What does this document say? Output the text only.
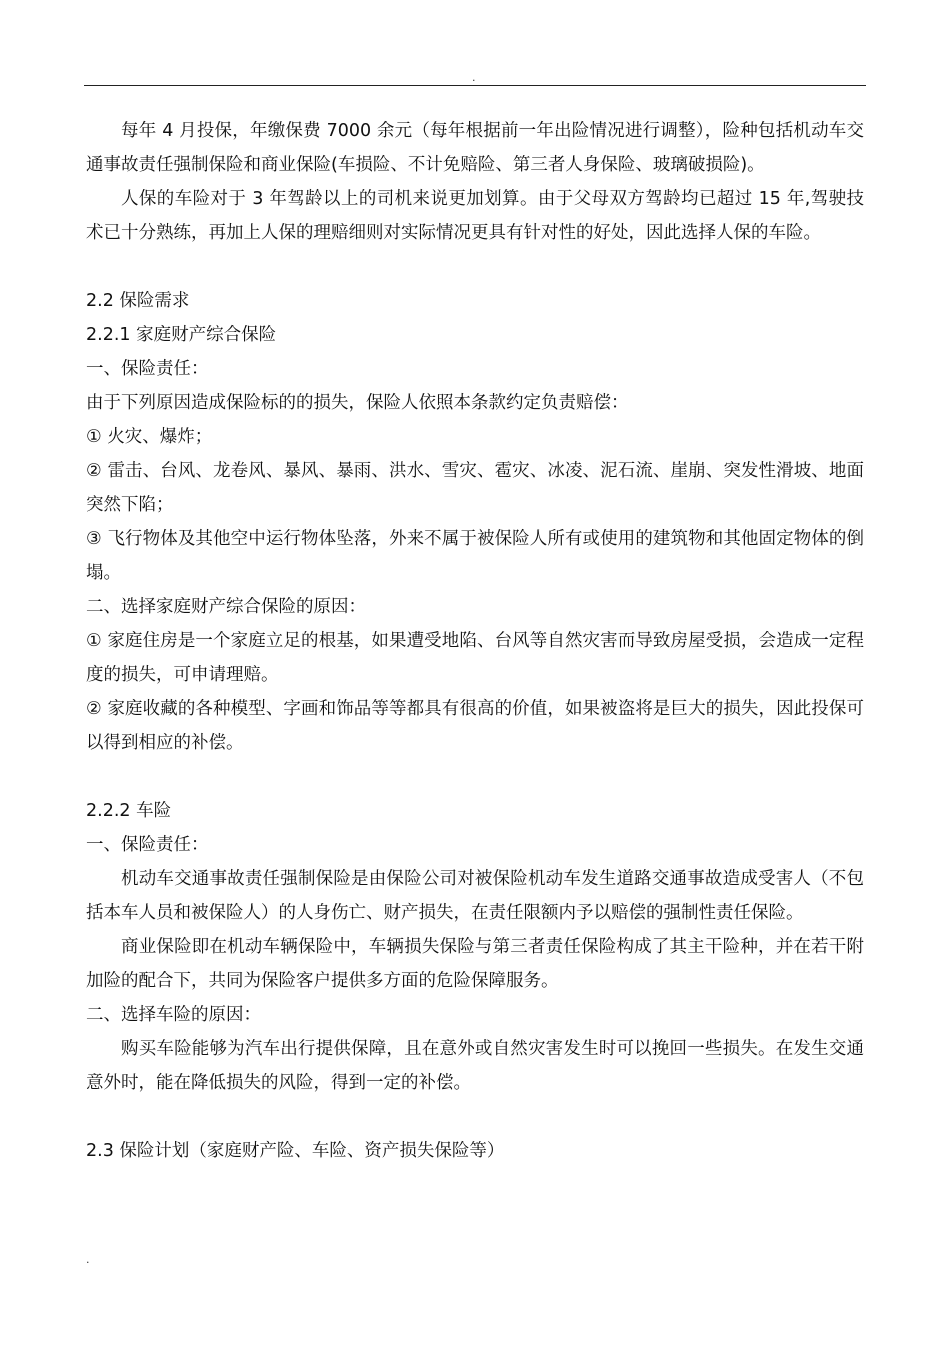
.

每年 4 月投保，年缴保费 7000 余元（每年根据前一年出险情况进行调整），险种包括机动车交通事故责任强制保险和商业保险(车损险、不计免赔险、第三者人身保险、玻璃破损险)。

人保的车险对于 3 年驾龄以上的司机来说更加划算。由于父母双方驾龄均已超过 15 年,驾驶技术已十分熟练，再加上人保的理赔细则对实际情况更具有针对性的好处，因此选择人保的车险。

2.2 保险需求

2.2.1 家庭财产综合保险

一、保险责任：

由于下列原因造成保险标的的损失，保险人依照本条款约定负责赔偿：

① 火灾、爆炸；

② 雷击、台风、龙卷风、暴风、暴雨、洪水、雪灾、雹灾、冰凌、泥石流、崖崩、突发性滑坡、地面突然下陷；

③ 飞行物体及其他空中运行物体坠落，外来不属于被保险人所有或使用的建筑物和其他固定物体的倒塌。

二、选择家庭财产综合保险的原因：

① 家庭住房是一个家庭立足的根基，如果遭受地陷、台风等自然灾害而导致房屋受损，会造成一定程度的损失，可申请理赔。

② 家庭收藏的各种模型、字画和饰品等等都具有很高的价值，如果被盗将是巨大的损失，因此投保可以得到相应的补偿。

2.2.2 车险

一、保险责任：

机动车交通事故责任强制保险是由保险公司对被保险机动车发生道路交通事故造成受害人（不包括本车人员和被保险人）的人身伤亡、财产损失，在责任限额内予以赔偿的强制性责任保险。

商业保险即在机动车辆保险中，车辆损失保险与第三者责任保险构成了其主干险种，并在若干附加险的配合下，共同为保险客户提供多方面的危险保障服务。

二、选择车险的原因：

购买车险能够为汽车出行提供保障，且在意外或自然灾害发生时可以挽回一些损失。在发生交通意外时，能在降低损失的风险，得到一定的补偿。

2.3 保险计划（家庭财产险、车险、资产损失保险等）

.
